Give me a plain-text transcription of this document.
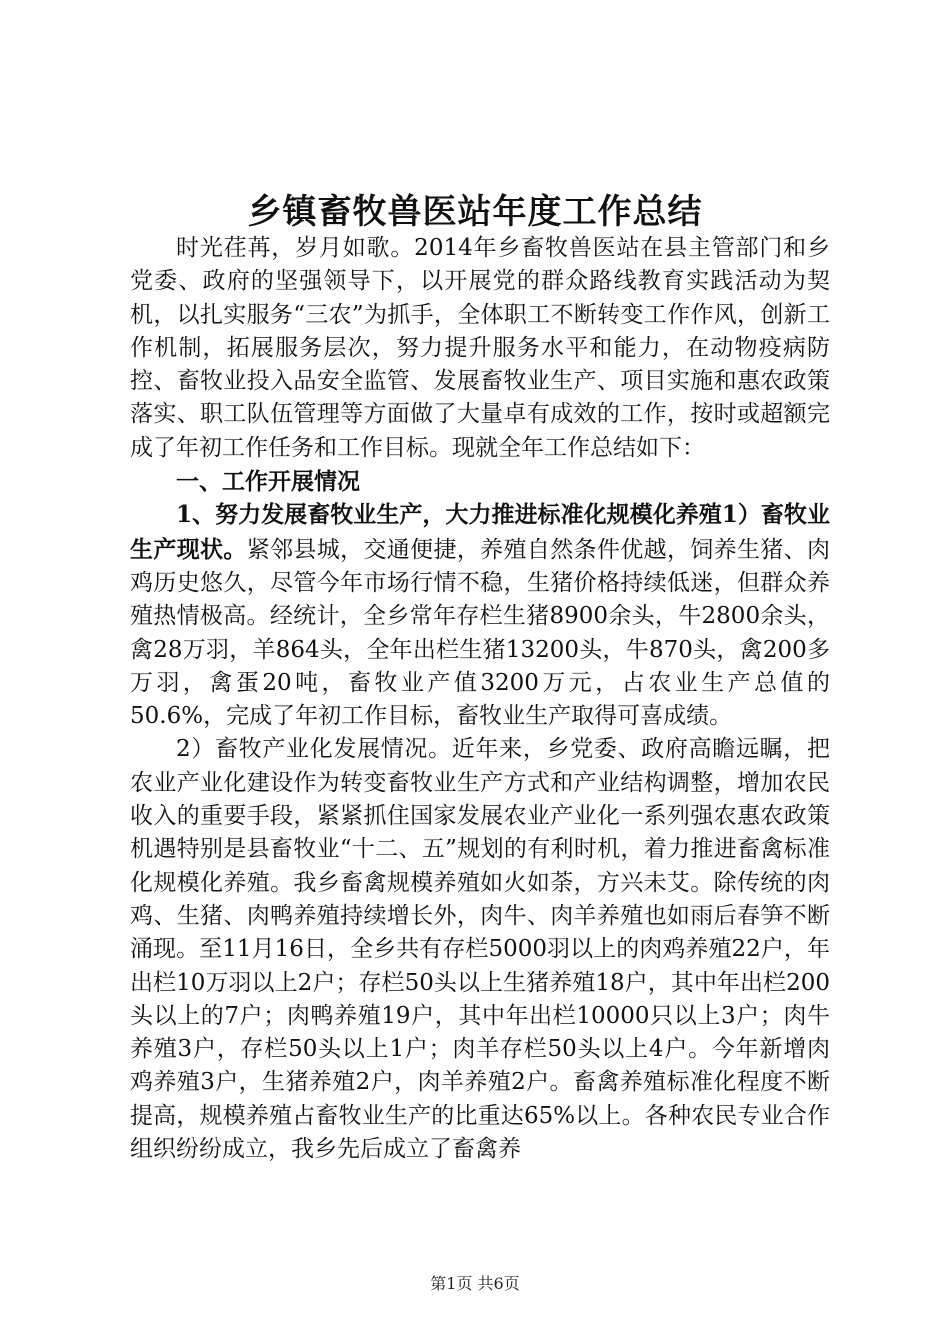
乡镇畜牧兽医站年度工作总结

时光荏苒，岁月如歌。2014年乡畜牧兽医站在县主管部门和乡党委、政府的坚强领导下，以开展党的群众路线教育实践活动为契机，以扎实服务“三农”为抓手，全体职工不断转变工作作风，创新工作机制，拓展服务层次，努力提升服务水平和能力，在动物疫病防控、畜牧业投入品安全监管、发展畜牧业生产、项目实施和惠农政策落实、职工队伍管理等方面做了大量卓有成效的工作，按时或超额完成了年初工作任务和工作目标。现就全年工作总结如下：

一、工作开展情况

1、努力发展畜牧业生产，大力推进标准化规模化养殖1）畜牧业生产现状。紧邻县城，交通便捷，养殖自然条件优越，饲养生猪、肉鸡历史悠久，尽管今年市场行情不稳，生猪价格持续低迷，但群众养殖热情极高。经统计，全乡常年存栏生猪8900余头，牛2800余头，禽28万羽，羊864头，全年出栏生猪13200头，牛870头，禽200多万羽，禽蛋20吨，畜牧业产值3200万元，占农业生产总值的50.6%，完成了年初工作目标，畜牧业生产取得可喜成绩。

2）畜牧产业化发展情况。近年来，乡党委、政府高瞻远瞩，把农业产业化建设作为转变畜牧业生产方式和产业结构调整，增加农民收入的重要手段，紧紧抓住国家发展农业产业化一系列强农惠农政策机遇特别是县畜牧业“十二、五”规划的有利时机，着力推进畜禽标准化规模化养殖。我乡畜禽规模养殖如火如荼，方兴未艾。除传统的肉鸡、生猪、肉鸭养殖持续增长外，肉牛、肉羊养殖也如雨后春笋不断涌现。至11月16日，全乡共有存栏5000羽以上的肉鸡养殖22户，年出栏10万羽以上2户；存栏50头以上生猪养殖18户，其中年出栏200头以上的7户；肉鸭养殖19户，其中年出栏10000只以上3户；肉牛养殖3户，存栏50头以上1户；肉羊存栏50头以上4户。今年新增肉鸡养殖3户，生猪养殖2户，肉羊养殖2户。畜禽养殖标准化程度不断提高，规模养殖占畜牧业生产的比重达65%以上。各种农民专业合作组织纷纷成立，我乡先后成立了畜禽养

第1页 共6页
